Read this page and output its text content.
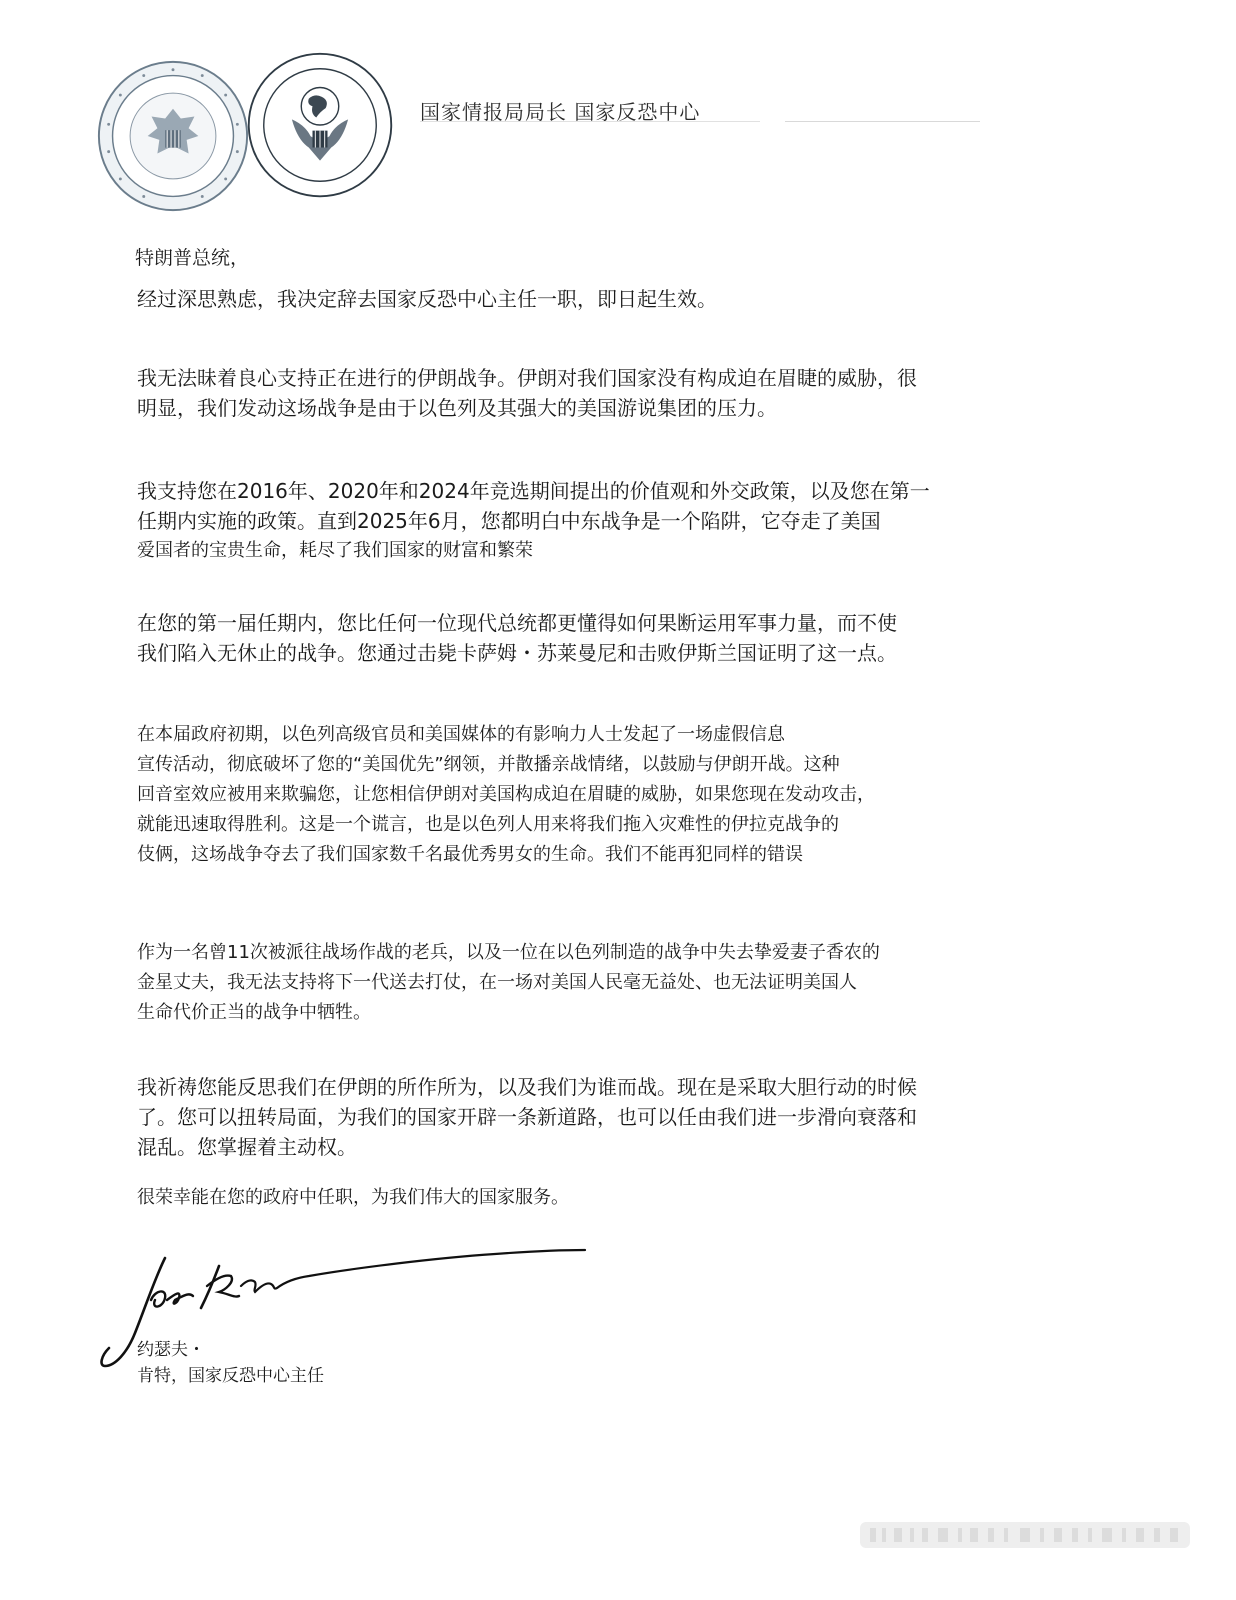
国家情报局局长 国家反恐中心
特朗普总统，
经过深思熟虑，我决定辞去国家反恐中心主任一职，即日起生效。
我无法昧着良心支持正在进行的伊朗战争。伊朗对我们国家没有构成迫在眉睫的威胁，很
明显，我们发动这场战争是由于以色列及其强大的美国游说集团的压力。
我支持您在2016年、2020年和2024年竞选期间提出的价值观和外交政策，以及您在第一
任期内实施的政策。直到2025年6月，您都明白中东战争是一个陷阱，它夺走了美国
爱国者的宝贵生命，耗尽了我们国家的财富和繁荣
在您的第一届任期内，您比任何一位现代总统都更懂得如何果断运用军事力量，而不使
我们陷入无休止的战争。您通过击毙卡萨姆・苏莱曼尼和击败伊斯兰国证明了这一点。
在本届政府初期，以色列高级官员和美国媒体的有影响力人士发起了一场虚假信息
宣传活动，彻底破坏了您的“美国优先”纲领，并散播亲战情绪，以鼓励与伊朗开战。这种
回音室效应被用来欺骗您，让您相信伊朗对美国构成迫在眉睫的威胁，如果您现在发动攻击，
就能迅速取得胜利。这是一个谎言，也是以色列人用来将我们拖入灾难性的伊拉克战争的
伎俩，这场战争夺去了我们国家数千名最优秀男女的生命。我们不能再犯同样的错误
作为一名曾11次被派往战场作战的老兵，以及一位在以色列制造的战争中失去挚爱妻子香农的
金星丈夫，我无法支持将下一代送去打仗，在一场对美国人民毫无益处、也无法证明美国人
生命代价正当的战争中牺牲。
我祈祷您能反思我们在伊朗的所作所为，以及我们为谁而战。现在是采取大胆行动的时候
了。您可以扭转局面，为我们的国家开辟一条新道路，也可以任由我们进一步滑向衰落和
混乱。您掌握着主动权。
很荣幸能在您的政府中任职，为我们伟大的国家服务。
约瑟夫・
肯特，国家反恐中心主任
